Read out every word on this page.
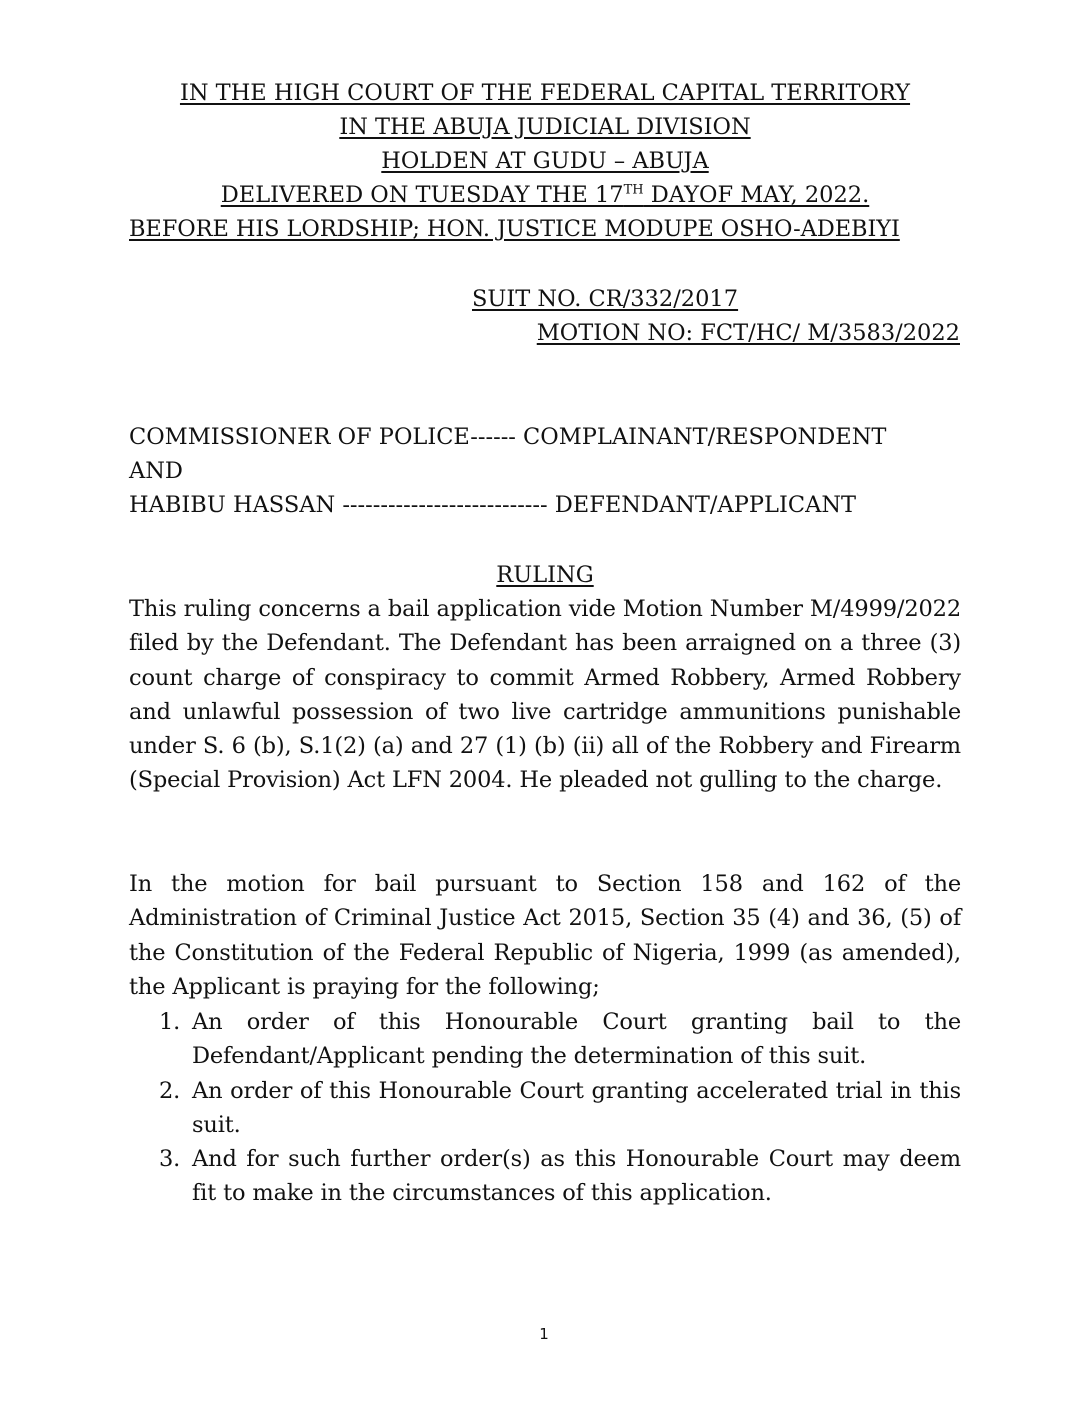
IN THE HIGH COURT OF THE FEDERAL CAPITAL TERRITORY
IN THE ABUJA JUDICIAL DIVISION
HOLDEN AT GUDU – ABUJA
DELIVERED ON TUESDAY THE 17TH DAYOF MAY, 2022.
BEFORE HIS LORDSHIP; HON. JUSTICE MODUPE OSHO-ADEBIYI
SUIT NO. CR/332/2017
MOTION NO: FCT/HC/ M/3583/2022
COMMISSIONER OF POLICE------ COMPLAINANT/RESPONDENT
AND
HABIBU HASSAN --------------------------- DEFENDANT/APPLICANT
RULING

This ruling concerns a bail application vide Motion Number M/4999/2022 filed by the Defendant. The Defendant has been arraigned on a three (3) count charge of conspiracy to commit Armed Robbery, Armed Robbery and unlawful possession of two live cartridge ammunitions punishable under S. 6 (b), S.1(2) (a) and 27 (1) (b) (ii) all of the Robbery and Firearm (Special Provision) Act LFN 2004. He pleaded not gulling to the charge.

In the motion for bail pursuant to Section 158 and 162 of the Administration of Criminal Justice Act 2015, Section 35 (4) and 36, (5) of the Constitution of the Federal Republic of Nigeria, 1999 (as amended), the Applicant is praying for the following;

1. An order of this Honourable Court granting bail to the Defendant/Applicant pending the determination of this suit.
2. An order of this Honourable Court granting accelerated trial in this suit.
3. And for such further order(s) as this Honourable Court may deem fit to make in the circumstances of this application.
1
